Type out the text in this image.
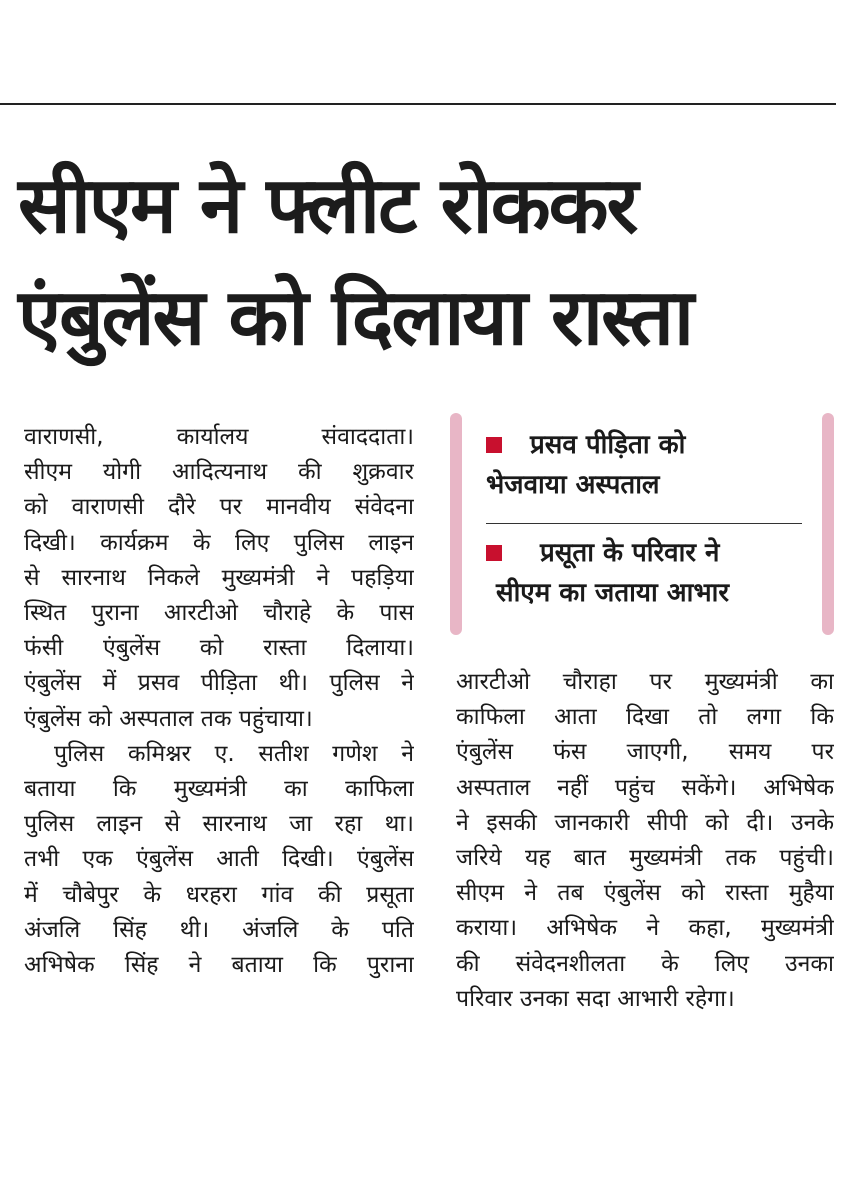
सीएम ने फ्लीट रोककर
एंबुलेंस को दिलाया रास्ता
वाराणसी, कार्यालय संवाददाता।
सीएम योगी आदित्यनाथ की शुक्रवार
को वाराणसी दौरे पर मानवीय संवेदना
दिखी। कार्यक्रम के लिए पुलिस लाइन
से सारनाथ निकले मुख्यमंत्री ने पहड़िया
स्थित पुराना आरटीओ चौराहे के पास
फंसी एंबुलेंस को रास्ता दिलाया।
एंबुलेंस में प्रसव पीड़िता थी। पुलिस ने
एंबुलेंस को अस्पताल तक पहुंचाया।
पुलिस कमिश्नर ए. सतीश गणेश ने
बताया कि मुख्यमंत्री का काफिला
पुलिस लाइन से सारनाथ जा रहा था।
तभी एक एंबुलेंस आती दिखी। एंबुलेंस
में चौबेपुर के धरहरा गांव की प्रसूता
अंजलि सिंह थी। अंजलि के पति
अभिषेक सिंह ने बताया कि पुराना
प्रसव पीड़िता को
भेजवाया अस्पताल
प्रसूता के परिवार ने
सीएम का जताया आभार
आरटीओ चौराहा पर मुख्यमंत्री का
काफिला आता दिखा तो लगा कि
एंबुलेंस फंस जाएगी, समय पर
अस्पताल नहीं पहुंच सकेंगे। अभिषेक
ने इसकी जानकारी सीपी को दी। उनके
जरिये यह बात मुख्यमंत्री तक पहुंची।
सीएम ने तब एंबुलेंस को रास्ता मुहैया
कराया। अभिषेक ने कहा, मुख्यमंत्री
की संवेदनशीलता के लिए उनका
परिवार उनका सदा आभारी रहेगा।
